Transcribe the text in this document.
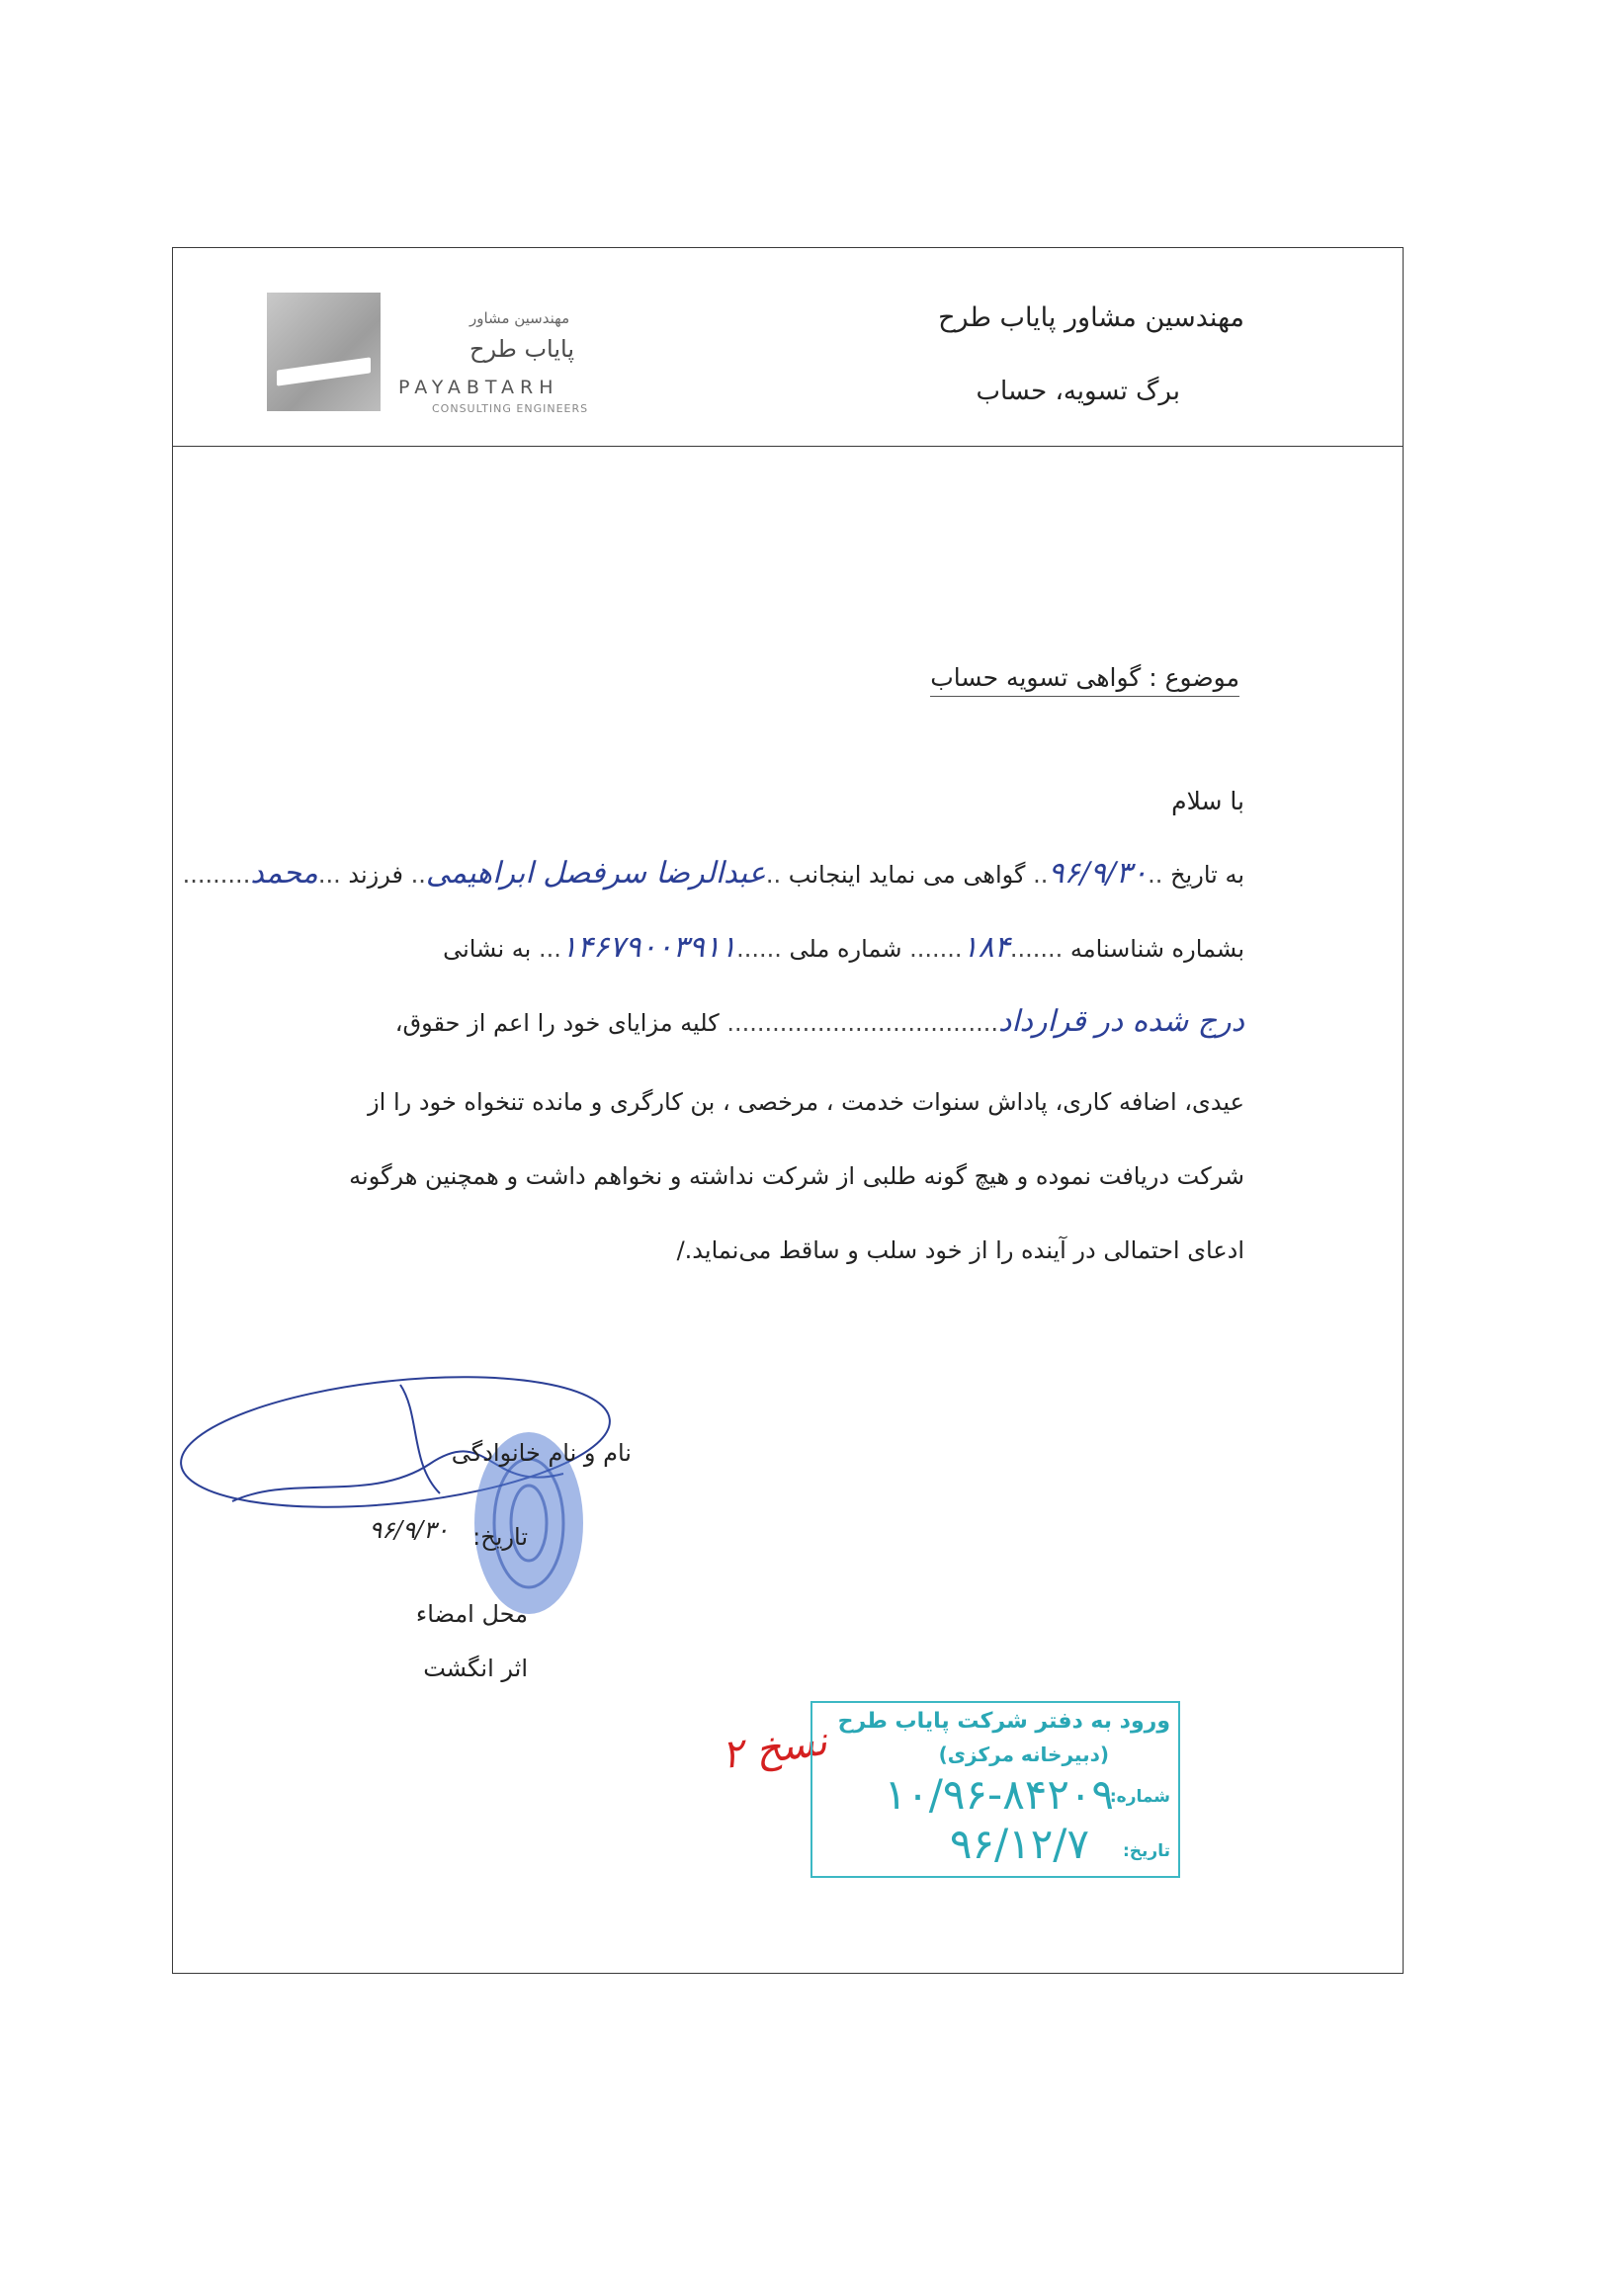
مهندسین مشاور
پایاب طرح
PAYABTARH
CONSULTING ENGINEERS
مهندسین مشاور پایاب طرح
برگ تسویه، حساب
موضوع : گواهی تسویه حساب
با سلام
به تاریخ ..۹۶/۹/۳۰.. گواهی می نماید اینجانب ..عبدالرضا سرفصل ابراهیمی.. فرزند ...محمد.........
بشماره شناسنامه .......۱۸۴....... شماره ملی ......۱۴۶۷۹۰۰۳۹۱۱... به نشانی
درج شده در قرارداد.................................... کلیه مزایای خود را اعم از حقوق،
عیدی، اضافه کاری، پاداش سنوات خدمت ، مرخصی ، بن کارگری و مانده تنخواه خود را از
شرکت دریافت نموده و هیچ گونه طلبی از شرکت نداشته و نخواهم داشت و همچنین هرگونه
ادعای احتمالی در آینده را از خود سلب و ساقط می‌نماید./
نام و نام خانوادگی
تاریخ:
۹۶/۹/۳۰
محل امضاء
اثر انگشت
۲ نسخ ورود به دفتر شرکت پایاب طرح
(دبیرخانه مرکزی)
شماره:
۱۰/۹۶-۸۴۲۰۹
تاریخ:
۹۶/۱۲/۷
